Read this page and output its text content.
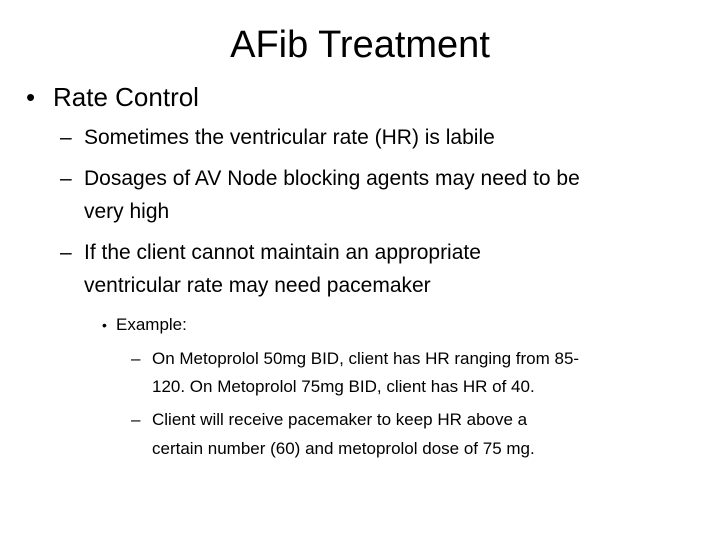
AFib Treatment
• Rate Control
– Sometimes the ventricular rate (HR) is labile
– Dosages of AV Node blocking agents may need to be
very high
– If the client cannot maintain an appropriate
ventricular rate may need pacemaker
• Example:
– On Metoprolol 50mg BID, client has HR ranging from 85-
120. On Metoprolol 75mg BID, client has HR of 40.
– Client will receive pacemaker to keep HR above a
certain number (60) and metoprolol dose of 75 mg.
